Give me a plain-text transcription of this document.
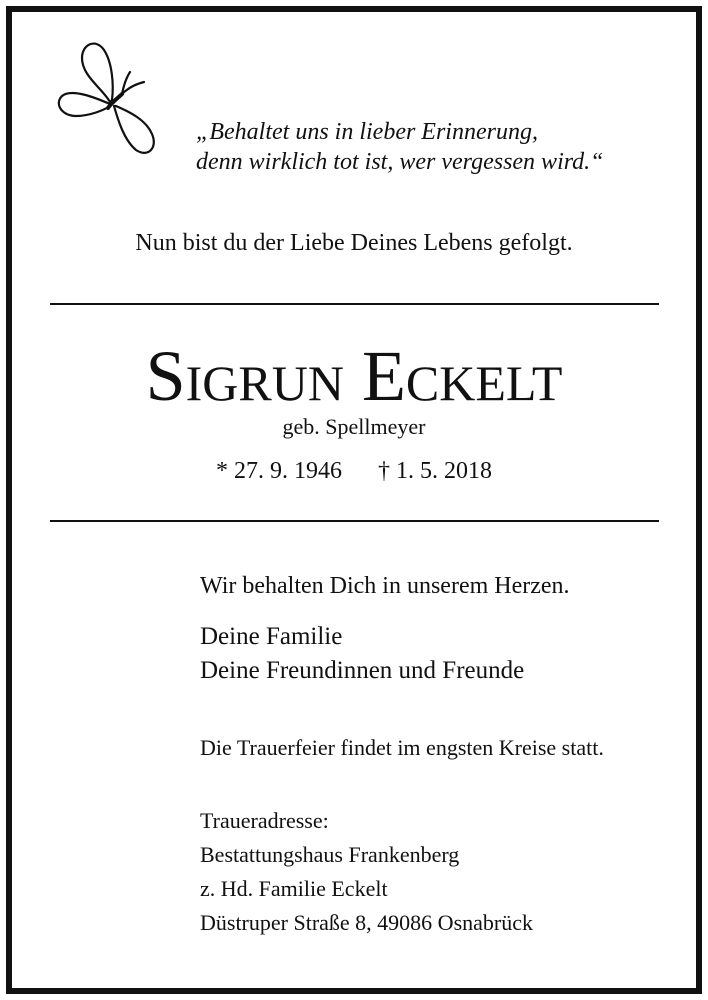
„Behaltet uns in lieber Erinnerung,
denn wirklich tot ist, wer vergessen wird.“
Nun bist du der Liebe Deines Lebens gefolgt.
Sigrun Eckelt
geb. Spellmeyer
* 27. 9. 1946 † 1. 5. 2018
Wir behalten Dich in unserem Herzen.
Deine Familie
Deine Freundinnen und Freunde
Die Trauerfeier findet im engsten Kreise statt.
Traueradresse:
Bestattungshaus Frankenberg
z. Hd. Familie Eckelt
Düstruper Straße 8, 49086 Osnabrück
